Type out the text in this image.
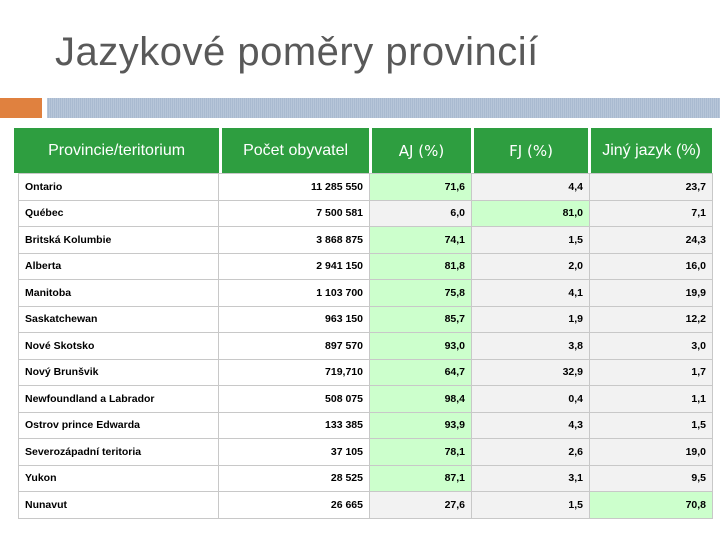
Jazykové poměry provincií
Provincie/teritorium	Počet obyvatel	AJ (%)	FJ (%)	Jiný jazyk (%)
Ontario	11 285 550	71,6	4,4	23,7
Québec	7 500 581	6,0	81,0	7,1
Britská Kolumbie	3 868 875	74,1	1,5	24,3
Alberta	2 941 150	81,8	2,0	16,0
Manitoba	1 103 700	75,8	4,1	19,9
Saskatchewan	963 150	85,7	1,9	12,2
Nové Skotsko	897 570	93,0	3,8	3,0
Nový Brunšvik	719,710	64,7	32,9	1,7
Newfoundland a Labrador	508 075	98,4	0,4	1,1
Ostrov prince Edwarda	133 385	93,9	4,3	1,5
Severozápadní teritoria	37 105	78,1	2,6	19,0
Yukon	28 525	87,1	3,1	9,5
Nunavut	26 665	27,6	1,5	70,8
